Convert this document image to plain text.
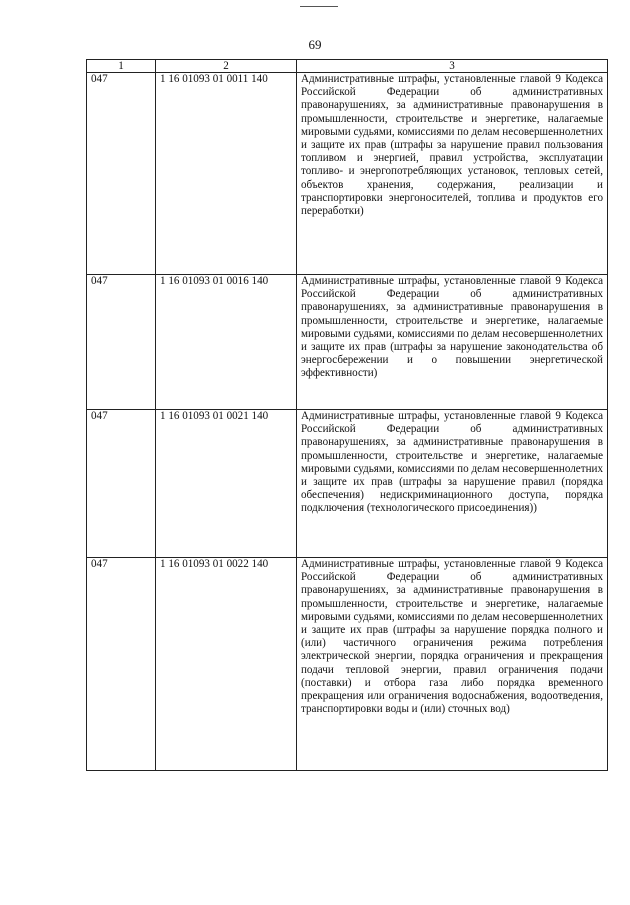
69
1	2	3
047	1 16 01093 01 0011 140	Административные штрафы, установленные главой 9 Кодекса Российской Федерации об административных правонарушениях, за административные правонарушения в промышленности, строительстве и энергетике, налагаемые мировыми судьями, комиссиями по делам несовершеннолетних и защите их прав (штрафы за нарушение правил пользования топливом и энергией, правил устройства, эксплуатации топливо- и энергопотребляющих установок, тепловых сетей, объектов хранения, содержания, реализации и транспортировки энергоносителей, топлива и продуктов его переработки)
047	1 16 01093 01 0016 140	Административные штрафы, установленные главой 9 Кодекса Российской Федерации об административных правонарушениях, за административные правонарушения в промышленности, строительстве и энергетике, налагаемые мировыми судьями, комиссиями по делам несовершеннолетних и защите их прав (штрафы за нарушение законодательства об энергосбережении и о повышении энергетической эффективности)
047	1 16 01093 01 0021 140	Административные штрафы, установленные главой 9 Кодекса Российской Федерации об административных правонарушениях, за административные правонарушения в промышленности, строительстве и энергетике, налагаемые мировыми судьями, комиссиями по делам несовершеннолетних и защите их прав (штрафы за нарушение правил (порядка обеспечения) недискриминационного доступа, порядка подключения (технологического присоединения))
047	1 16 01093 01 0022 140	Административные штрафы, установленные главой 9 Кодекса Российской Федерации об административных правонарушениях, за административные правонарушения в промышленности, строительстве и энергетике, налагаемые мировыми судьями, комиссиями по делам несовершеннолетних и защите их прав (штрафы за нарушение порядка полного и (или) частичного ограничения режима потребления электрической энергии, порядка ограничения и прекращения подачи тепловой энергии, правил ограничения подачи (поставки) и отбора газа либо порядка временного прекращения или ограничения водоснабжения, водоотведения, транспортировки воды и (или) сточных вод)
